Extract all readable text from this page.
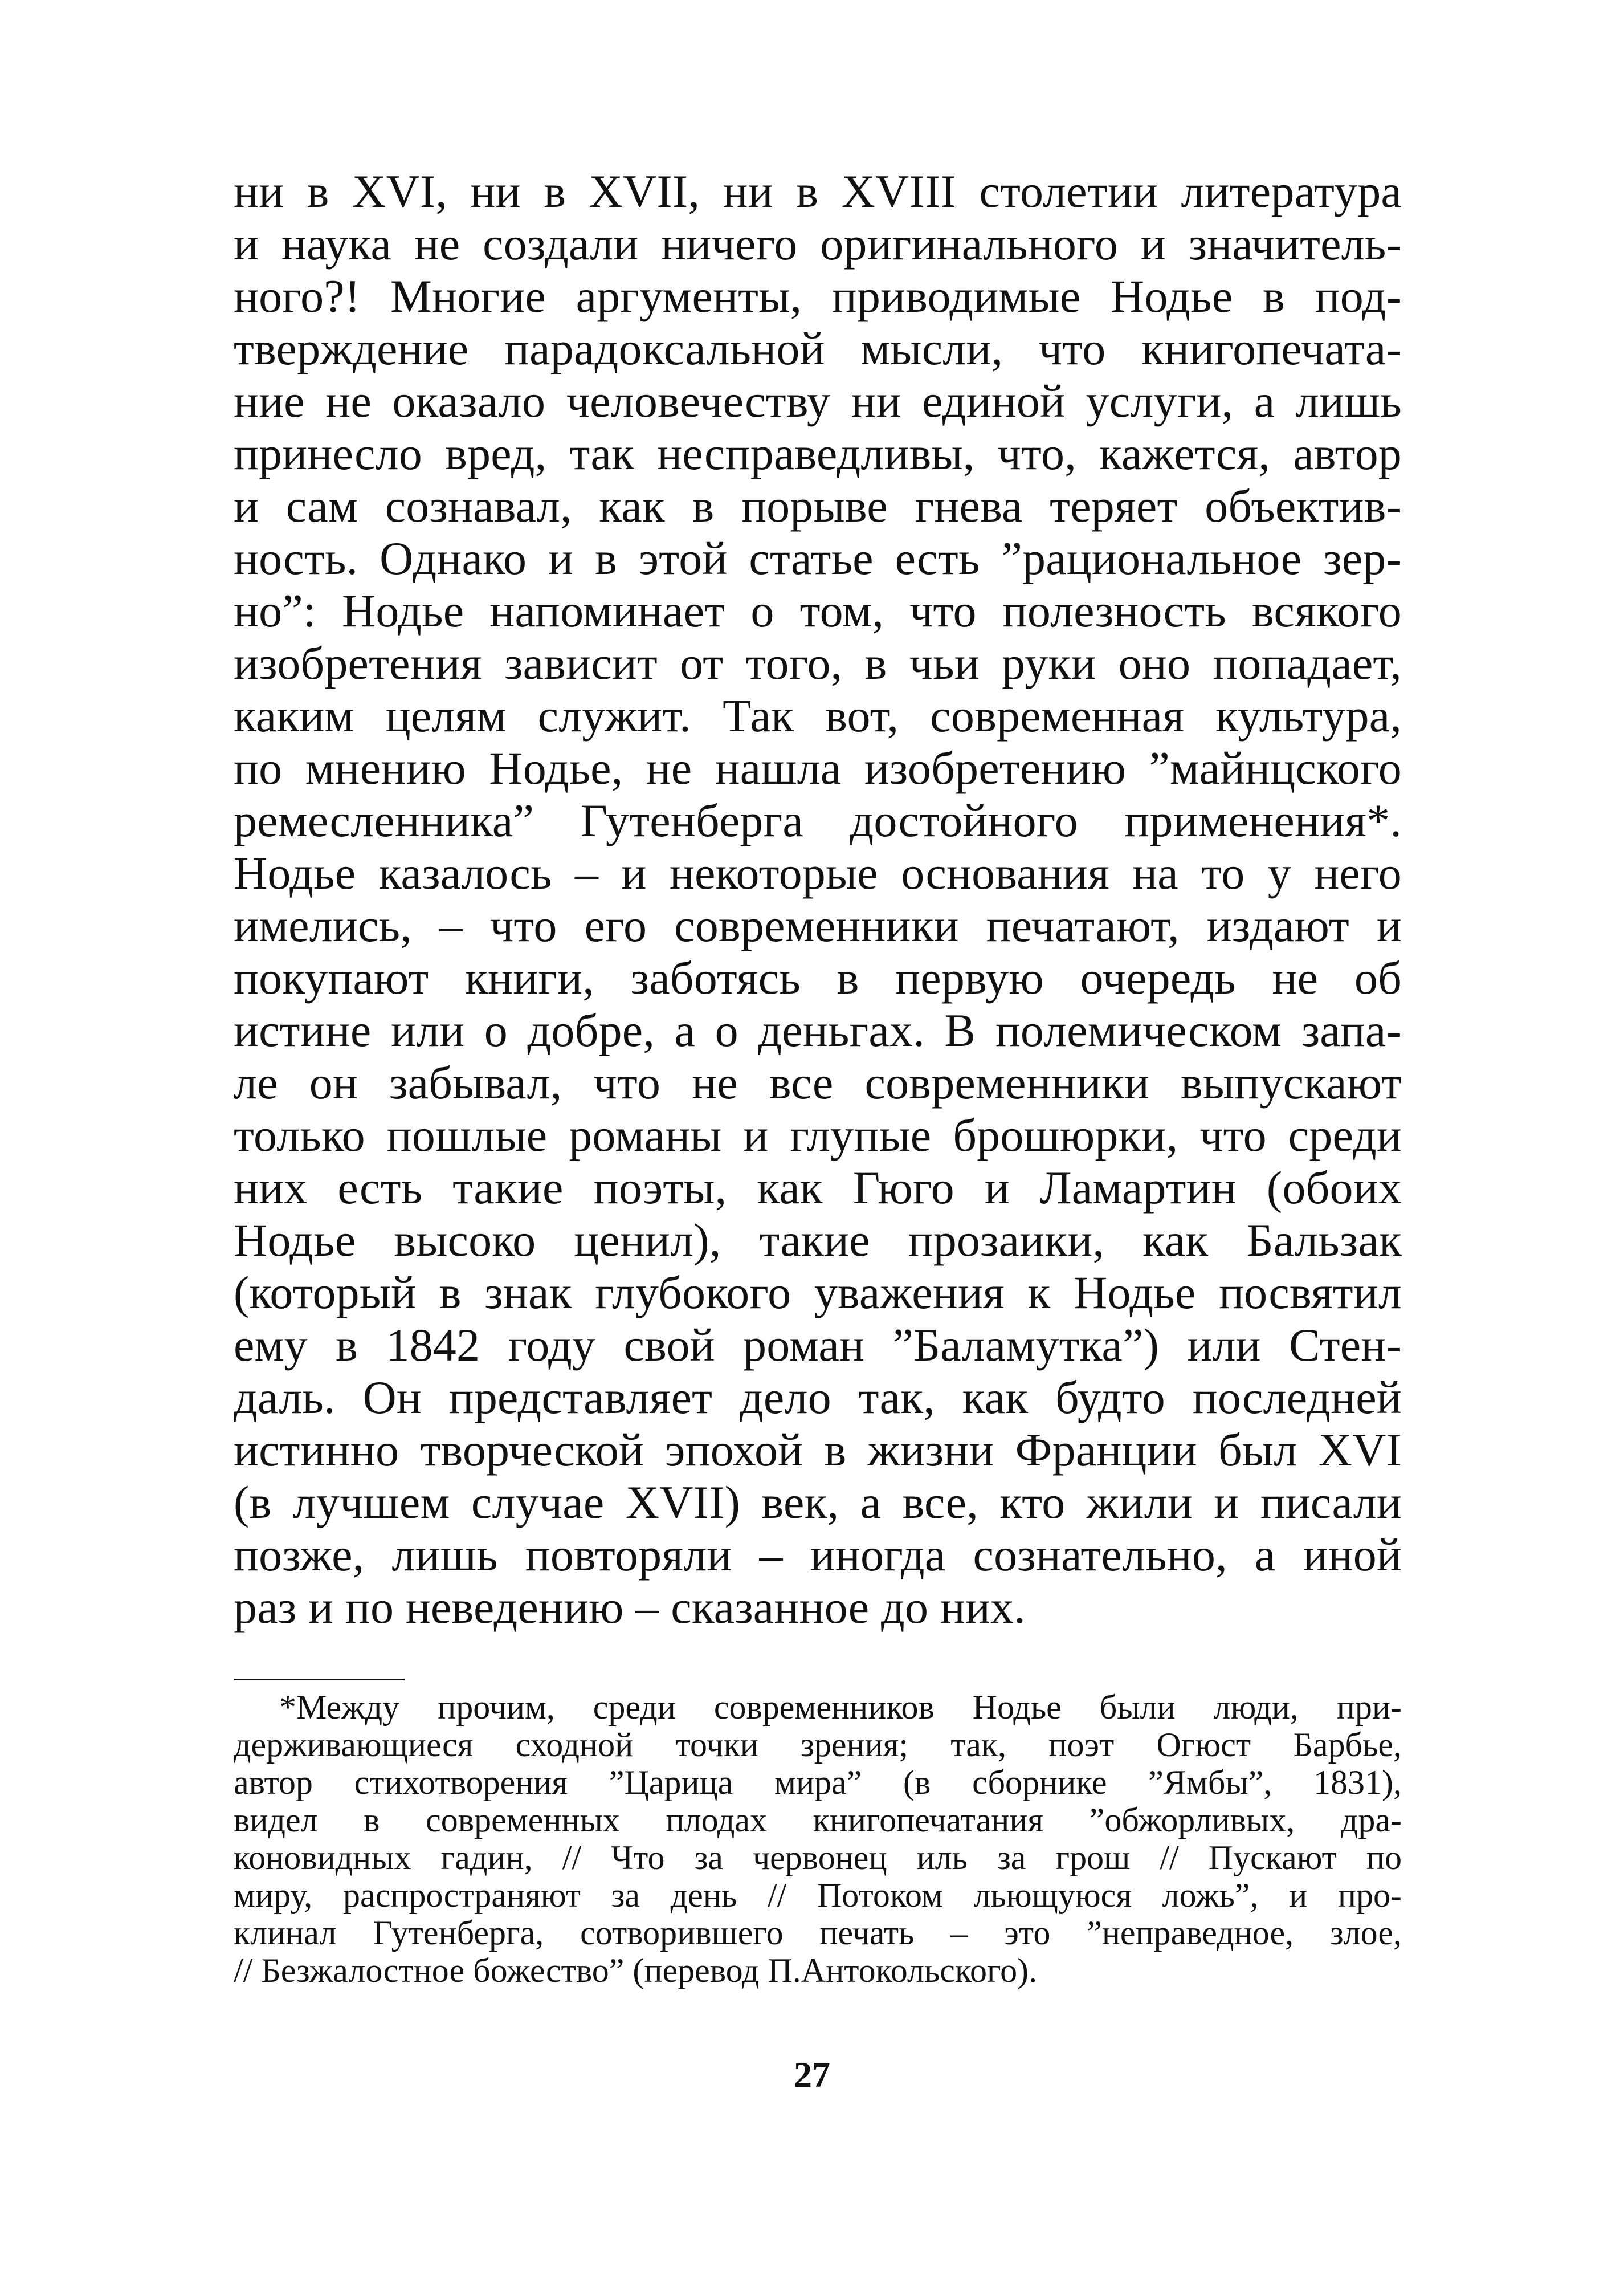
ни в XVI, ни в XVII, ни в XVIII столетии литература
и наука не создали ничего оригинального и значитель-
ного?! Многие аргументы, приводимые Нодье в под-
тверждение парадоксальной мысли, что книгопечата-
ние не оказало человечеству ни единой услуги, а лишь
принесло вред, так несправедливы, что, кажется, автор
и сам сознавал, как в порыве гнева теряет объектив-
ность. Однако и в этой статье есть ”рациональное зер-
но”: Нодье напоминает о том, что полезность всякого
изобретения зависит от того, в чьи руки оно попадает,
каким целям служит. Так вот, современная культура,
по мнению Нодье, не нашла изобретению ”майнцского
ремесленника” Гутенберга достойного применения*.
Нодье казалось – и некоторые основания на то у него
имелись, – что его современники печатают, издают и
покупают книги, заботясь в первую очередь не об
истине или о добре, а о деньгах. В полемическом запа-
ле он забывал, что не все современники выпускают
только пошлые романы и глупые брошюрки, что среди
них есть такие поэты, как Гюго и Ламартин (обоих
Нодье высоко ценил), такие прозаики, как Бальзак
(который в знак глубокого уважения к Нодье посвятил
ему в 1842 году свой роман ”Баламутка”) или Стен-
даль. Он представляет дело так, как будто последней
истинно творческой эпохой в жизни Франции был XVI
(в лучшем случае XVII) век, а все, кто жили и писали
позже, лишь повторяли – иногда сознательно, а иной
раз и по неведению – сказанное до них.
*Между прочим, среди современников Нодье были люди, при-
держивающиеся сходной точки зрения; так, поэт Огюст Барбье,
автор стихотворения ”Царица мира” (в сборнике ”Ямбы”, 1831),
видел в современных плодах книгопечатания ”обжорливых, дра-
коновидных гадин, // Что за червонец иль за грош // Пускают по
миру, распространяют за день // Потоком льющуюся ложь”, и про-
клинал Гутенберга, сотворившего печать – это ”неправедное, злое,
// Безжалостное божество” (перевод П.Антокольского).
27
